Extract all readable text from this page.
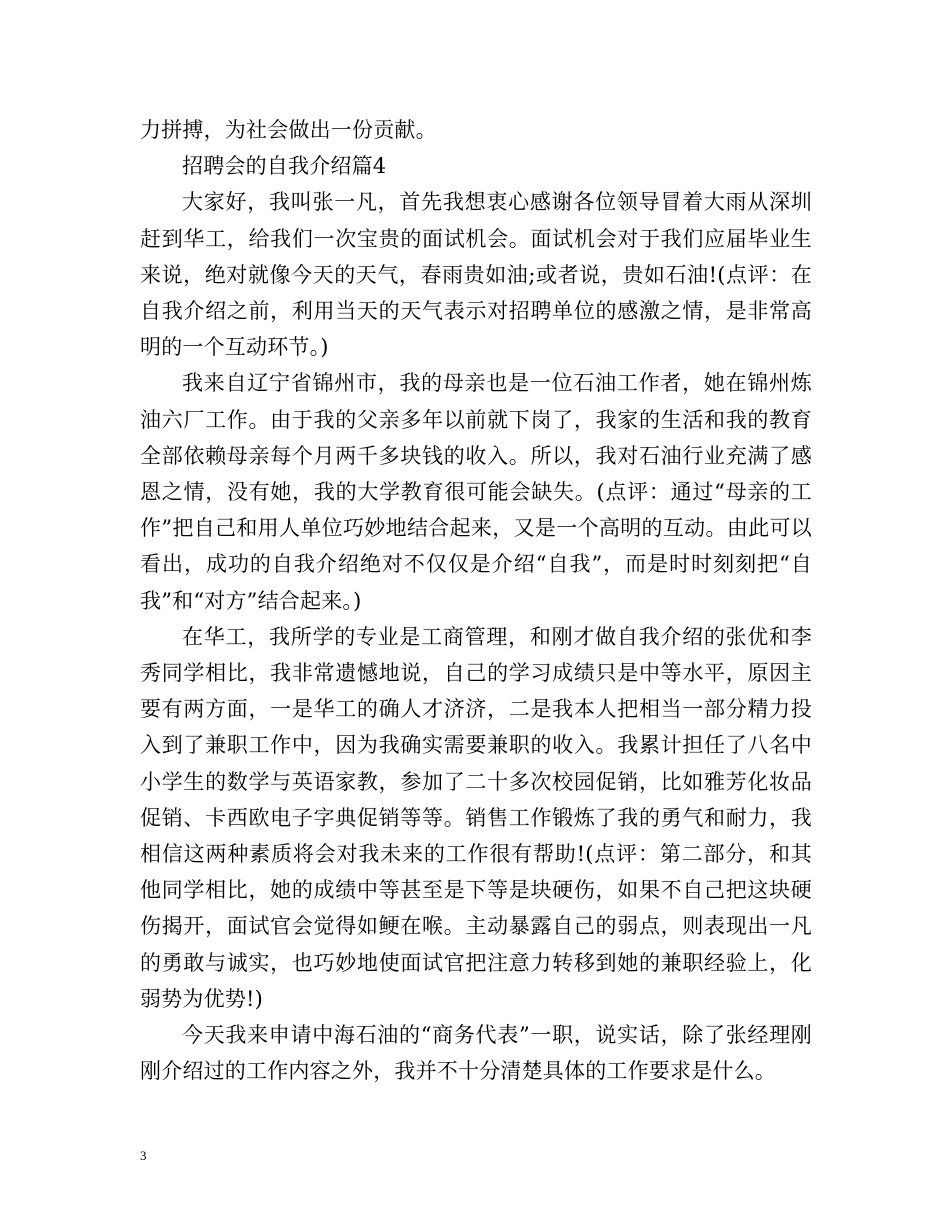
力拼搏，为社会做出一份贡献。

招聘会的自我介绍篇4

大家好，我叫张一凡，首先我想衷心感谢各位领导冒着大雨从深圳赶到华工，给我们一次宝贵的面试机会。面试机会对于我们应届毕业生来说，绝对就像今天的天气，春雨贵如油;或者说，贵如石油!(点评：在自我介绍之前，利用当天的天气表示对招聘单位的感激之情，是非常高明的一个互动环节。)

我来自辽宁省锦州市，我的母亲也是一位石油工作者，她在锦州炼油六厂工作。由于我的父亲多年以前就下岗了，我家的生活和我的教育全部依赖母亲每个月两千多块钱的收入。所以，我对石油行业充满了感恩之情，没有她，我的大学教育很可能会缺失。(点评：通过“母亲的工作”把自己和用人单位巧妙地结合起来，又是一个高明的互动。由此可以看出，成功的自我介绍绝对不仅仅是介绍“自我”，而是时时刻刻把“自我”和“对方”结合起来。)

在华工，我所学的专业是工商管理，和刚才做自我介绍的张优和李秀同学相比，我非常遗憾地说，自己的学习成绩只是中等水平，原因主要有两方面，一是华工的确人才济济，二是我本人把相当一部分精力投入到了兼职工作中，因为我确实需要兼职的收入。我累计担任了八名中小学生的数学与英语家教，参加了二十多次校园促销，比如雅芳化妆品促销、卡西欧电子字典促销等等。销售工作锻炼了我的勇气和耐力，我相信这两种素质将会对我未来的工作很有帮助!(点评：第二部分，和其他同学相比，她的成绩中等甚至是下等是块硬伤，如果不自己把这块硬伤揭开，面试官会觉得如鲠在喉。主动暴露自己的弱点，则表现出一凡的勇敢与诚实，也巧妙地使面试官把注意力转移到她的兼职经验上，化弱势为优势!)

今天我来申请中海石油的“商务代表”一职，说实话，除了张经理刚刚介绍过的工作内容之外，我并不十分清楚具体的工作要求是什么。

3
